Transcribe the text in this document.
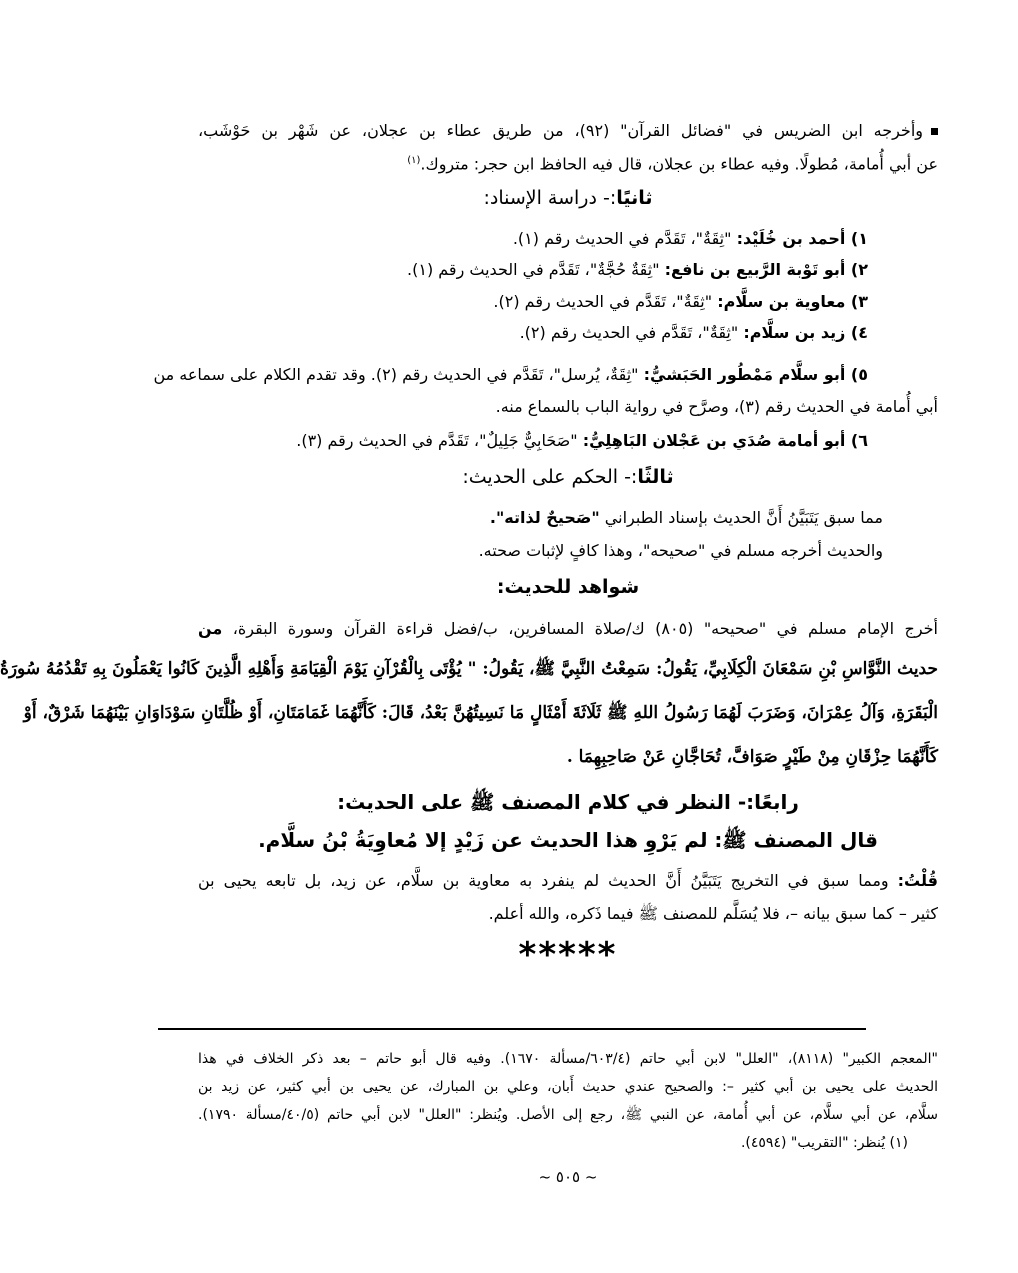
وأخرجه ابن الضريس في "فضائل القرآن" (٩٢)، من طريق عطاء بن عجلان، عن شَهْر بن حَوْشَب،
عن أبي أُمامة، مُطولًا. وفيه عطاء بن عجلان، قال فيه الحافظ ابن حجر: متروك.$^{(١)}$
ثانيًا:- دراسة الإسناد:
١) أحمد بن خُلَيْد: "ثِقَةٌ"، تَقَدَّم في الحديث رقم (١).
٢) أبو تَوْبة الرَّبيع بن نافع: "ثِقَةٌ حُجَّةٌ"، تَقَدَّم في الحديث رقم (١).
٣) معاوية بن سلَّام: "ثِقَةٌ"، تَقَدَّم في الحديث رقم (٢).
٤) زيد بن سلَّام: "ثِقَةٌ"، تَقَدَّم في الحديث رقم (٢).
٥) أبو سلَّام مَمْطُور الحَبَشيُّ: "ثِقَةٌ، يُرسل"، تَقَدَّم في الحديث رقم (٢). وقد تقدم الكلام على سماعه من
أبي أُمامة في الحديث رقم (٣)، وصرَّح في رواية الباب بالسماع منه.
٦) أبو أمامة صُدَي بن عَجْلان البَاهِلِيُّ: "صَحَابِيٌّ جَلِيلٌ"، تَقَدَّم في الحديث رقم (٣).
ثالثًا:- الحكم على الحديث:
مما سبق يَتَبَيَّنُ أَنَّ الحديث بإسناد الطبراني "صَحيحٌ لذاته".
والحديث أخرجه مسلم في "صحيحه"، وهذا كافٍ لإثبات صحته.
شواهد للحديث:
أخرج الإمام مسلم في "صحيحه" (٨٠٥) ك/صلاة المسافرين، ب/فضل قراءة القرآن وسورة البقرة، من
حديث النَّوَّاسِ بْنِ سَمْعَانَ الْكِلَابِيِّ، يَقُولُ: سَمِعْتُ النَّبِيَّ ﷺ، يَقُولُ: " يُؤْتَى بِالْقُرْآنِ يَوْمَ الْقِيَامَةِ وَأَهْلِهِ الَّذِينَ كَانُوا يَعْمَلُونَ بِهِ تَقْدُمُهُ سُورَةُ
الْبَقَرَةِ، وَآلُ عِمْرَانَ، وَضَرَبَ لَهُمَا رَسُولُ اللهِ ﷺ ثَلَاثَةَ أَمْثَالٍ مَا نَسِيتُهُنَّ بَعْدُ، قَالَ: كَأَنَّهُمَا غَمَامَتَانِ، أَوْ ظُلَّتَانِ سَوْدَاوَانِ بَيْنَهُمَا شَرْقٌ، أَوْ
كَأَنَّهُمَا حِزْقَانِ مِنْ طَيْرٍ صَوَافَّ، تُحَاجَّانِ عَنْ صَاحِبِهِمَا .
رابعًا:- النظر في كلام المصنف ﷺ على الحديث:
قال المصنف ﷺ: لم يَرْوِ هذا الحديث عن زَيْدٍ إلا مُعاوِيَةُ بْنُ سلَّام.
قُلْتُ: ومما سبق في التخريج يَتَبَيَّنُ أَنَّ الحديث لم ينفرد به معاوية بن سلَّام، عن زيد، بل تابعه يحيى بن
كثير – كما سبق بيانه –، فلا يُسَلَّم للمصنف ﷺ فيما ذَكره، والله أعلم.
*****
"المعجم الكبير" (٨١١٨)، "العلل" لابن أبي حاتم (٦٠٣/٤/مسألة ١٦٧٠). وفيه قال أبو حاتم – بعد ذكر الخلاف في هذا
الحديث على يحيى بن أبي كثير –: والصحيح عندي حديث أَبان، وعلي بن المبارك، عن يحيى بن أبي كثير، عن زيد بن
سلَّام، عن أبي سلَّام، عن أبي أُمامة، عن النبي ﷺ، رجع إلى الأصل. ويُنظر: "العلل" لابن أبي حاتم (٤٠/٥/مسألة ١٧٩٠).
(١) يُنظر: "التقريب" (٤٥٩٤).
~ ٥٠٥ ~
